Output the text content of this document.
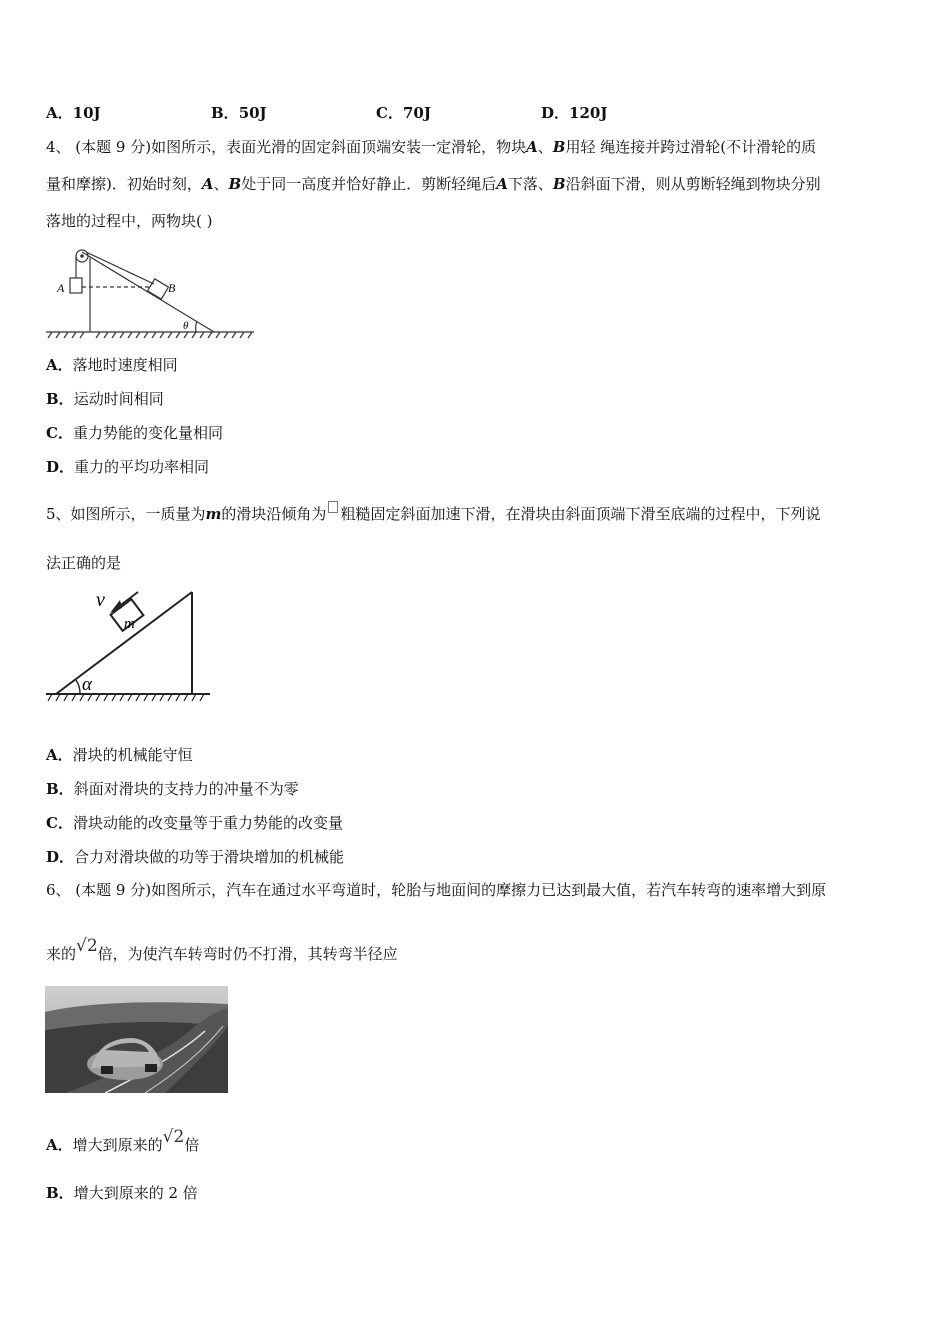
A．10J	B．50J	C．70J	D．120J
4、 (本题 9 分)如图所示，表面光滑的固定斜面顶端安装一定滑轮，物块A、B用轻 绳连接并跨过滑轮(不计滑轮的质
量和摩擦)．初始时刻，A、B处于同一高度并恰好静止．剪断轻绳后A下落、B沿斜面下滑，则从剪断轻绳到物块分别
落地的过程中，两物块( )
A	B
θ
A．落地时速度相同
B．运动时间相同
C．重力势能的变化量相同
D．重力的平均功率相同
5、如图所示，一质量为m的滑块沿倾角为 粗糙固定斜面加速下滑，在滑块由斜面顶端下滑至底端的过程中，下列说
法正确的是
v
m
α
A．滑块的机械能守恒
B．斜面对滑块的支持力的冲量不为零
C．滑块动能的改变量等于重力势能的改变量
D．合力对滑块做的功等于滑块增加的机械能
6、 (本题 9 分)如图所示，汽车在通过水平弯道时，轮胎与地面间的摩擦力已达到最大值，若汽车转弯的速率增大到原
来的√2倍，为使汽车转弯时仍不打滑，其转弯半径应
A．增大到原来的√2倍
B．增大到原来的 2 倍
